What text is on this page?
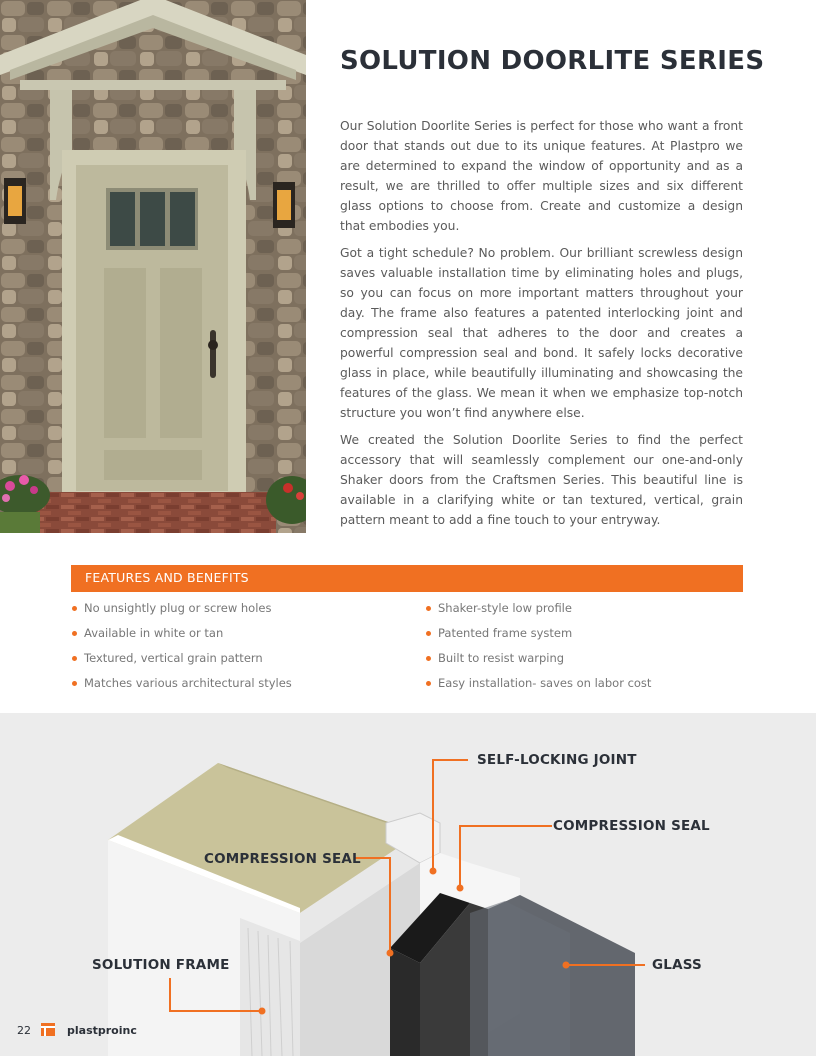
SOLUTION DOORLITE SERIES

Our Solution Doorlite Series is perfect for those who want a front door that stands out due to its unique features. At Plastpro we are determined to expand the window of opportunity and as a result, we are thrilled to offer multiple sizes and six different glass options to choose from. Create and customize a design that embodies you.

Got a tight schedule? No problem. Our brilliant screwless design saves valuable installation time by eliminating holes and plugs, so you can focus on more important matters throughout your day. The frame also features a patented interlocking joint and compression seal that adheres to the door and creates a powerful compression seal and bond. It safely locks decorative glass in place, while beautifully illuminating and showcasing the features of the glass. We mean it when we emphasize top-notch structure you won’t find anywhere else.

We created the Solution Doorlite Series to find the perfect accessory that will seamlessly complement our one-and-only Shaker doors from the Craftsmen Series. This beautiful line is available in a clarifying white or tan textured, vertical, grain pattern meant to add a fine touch to your entryway.

FEATURES AND BENEFITS
No unsightly plug or screw holes
Available in white or tan
Textured, vertical grain pattern
Matches various architectural styles
Shaker-style low profile
Patented frame system
Built to resist warping
Easy installation- saves on labor cost
SELF-LOCKING JOINT
COMPRESSION SEAL
COMPRESSION SEAL
SOLUTION FRAME	GLASS
22	plastproinc
